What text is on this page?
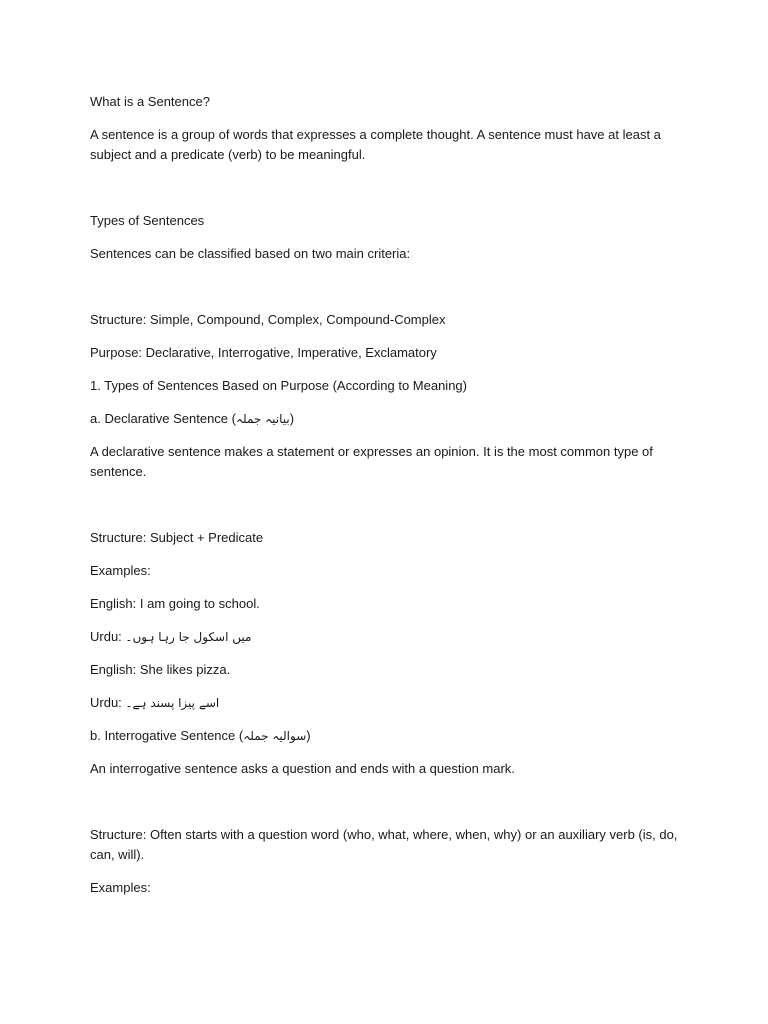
What is a Sentence?

A sentence is a group of words that expresses a complete thought. A sentence must have at least a subject and a predicate (verb) to be meaningful.

Types of Sentences

Sentences can be classified based on two main criteria:

Structure: Simple, Compound, Complex, Compound-Complex

Purpose: Declarative, Interrogative, Imperative, Exclamatory

1. Types of Sentences Based on Purpose (According to Meaning)

a. Declarative Sentence (بیانیہ جملہ)

A declarative sentence makes a statement or expresses an opinion. It is the most common type of sentence.

Structure: Subject + Predicate

Examples:

English: I am going to school.

Urdu: میں اسکول جا رہا ہوں۔

English: She likes pizza.

Urdu: اسے پیزا پسند ہے۔

b. Interrogative Sentence (سوالیہ جملہ)

An interrogative sentence asks a question and ends with a question mark.

Structure: Often starts with a question word (who, what, where, when, why) or an auxiliary verb (is, do, can, will).

Examples:
